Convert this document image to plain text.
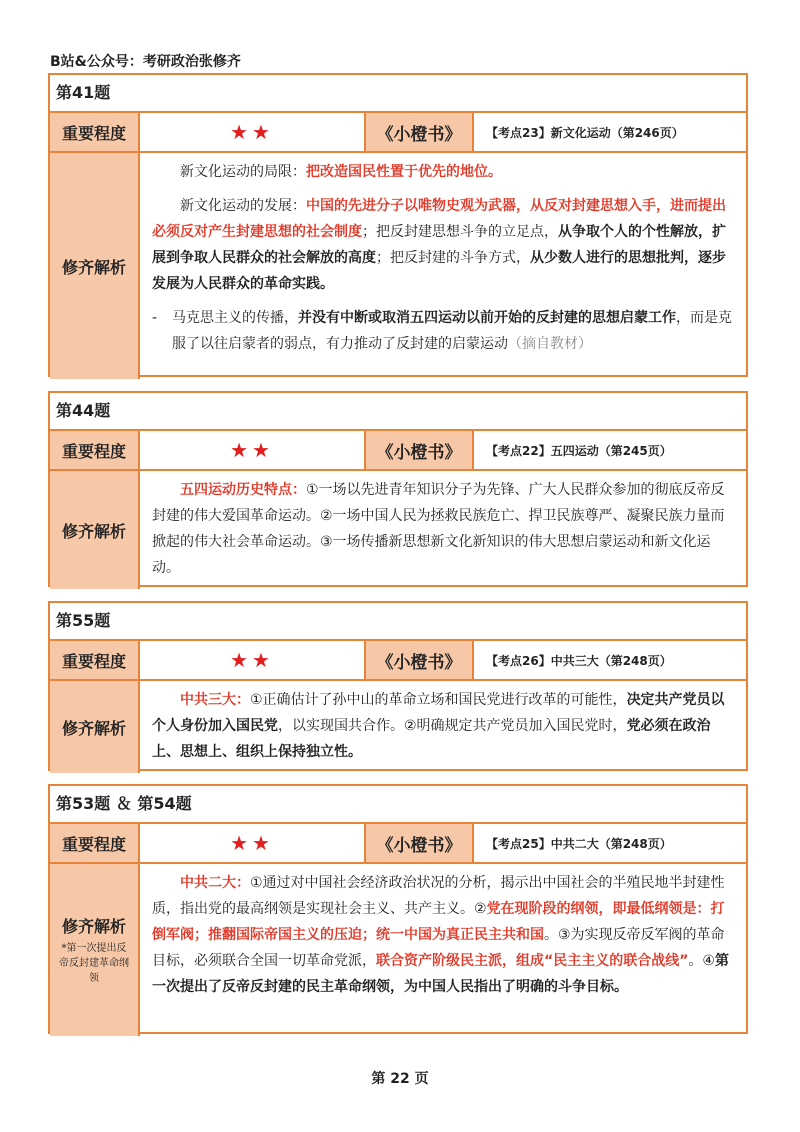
B站&公众号：考研政治张修齐
第41题
重要程度	★★	《小橙书》	【考点23】新文化运动（第246页）
修齐解析

新文化运动的局限：把改造国民性置于优先的地位。

新文化运动的发展：中国的先进分子以唯物史观为武器，从反对封建思想入手，进而提出必须反对产生封建思想的社会制度；把反封建思想斗争的立足点，从争取个人的个性解放，扩展到争取人民群众的社会解放的高度；把反封建的斗争方式，从少数人进行的思想批判，逐步发展为人民群众的革命实践。

-	马克思主义的传播，并没有中断或取消五四运动以前开始的反封建的思想启蒙工作，而是克服了以往启蒙者的弱点，有力推动了反封建的启蒙运动（摘自教材）
第44题
重要程度	★★	《小橙书》	【考点22】五四运动（第245页）
修齐解析

五四运动历史特点：①一场以先进青年知识分子为先锋、广大人民群众参加的彻底反帝反封建的伟大爱国革命运动。②一场中国人民为拯救民族危亡、捍卫民族尊严、凝聚民族力量而掀起的伟大社会革命运动。③一场传播新思想新文化新知识的伟大思想启蒙运动和新文化运动。

第55题
重要程度	★★	《小橙书》	【考点26】中共三大（第248页）
修齐解析

中共三大：①正确估计了孙中山的革命立场和国民党进行改革的可能性，决定共产党员以个人身份加入国民党，以实现国共合作。②明确规定共产党员加入国民党时，党必须在政治上、思想上、组织上保持独立性。

第53题 ＆ 第54题
重要程度	★★	《小橙书》	【考点25】中共二大（第248页）
修齐解析
*第一次提出反帝反封建革命纲领

中共二大：①通过对中国社会经济政治状况的分析，揭示出中国社会的半殖民地半封建性质，指出党的最高纲领是实现社会主义、共产主义。②党在现阶段的纲领，即最低纲领是：打倒军阀；推翻国际帝国主义的压迫；统一中国为真正民主共和国。③为实现反帝反军阀的革命目标，必须联合全国一切革命党派，联合资产阶级民主派，组成“民主主义的联合战线”。④第一次提出了反帝反封建的民主革命纲领，为中国人民指出了明确的斗争目标。

第 22 页
